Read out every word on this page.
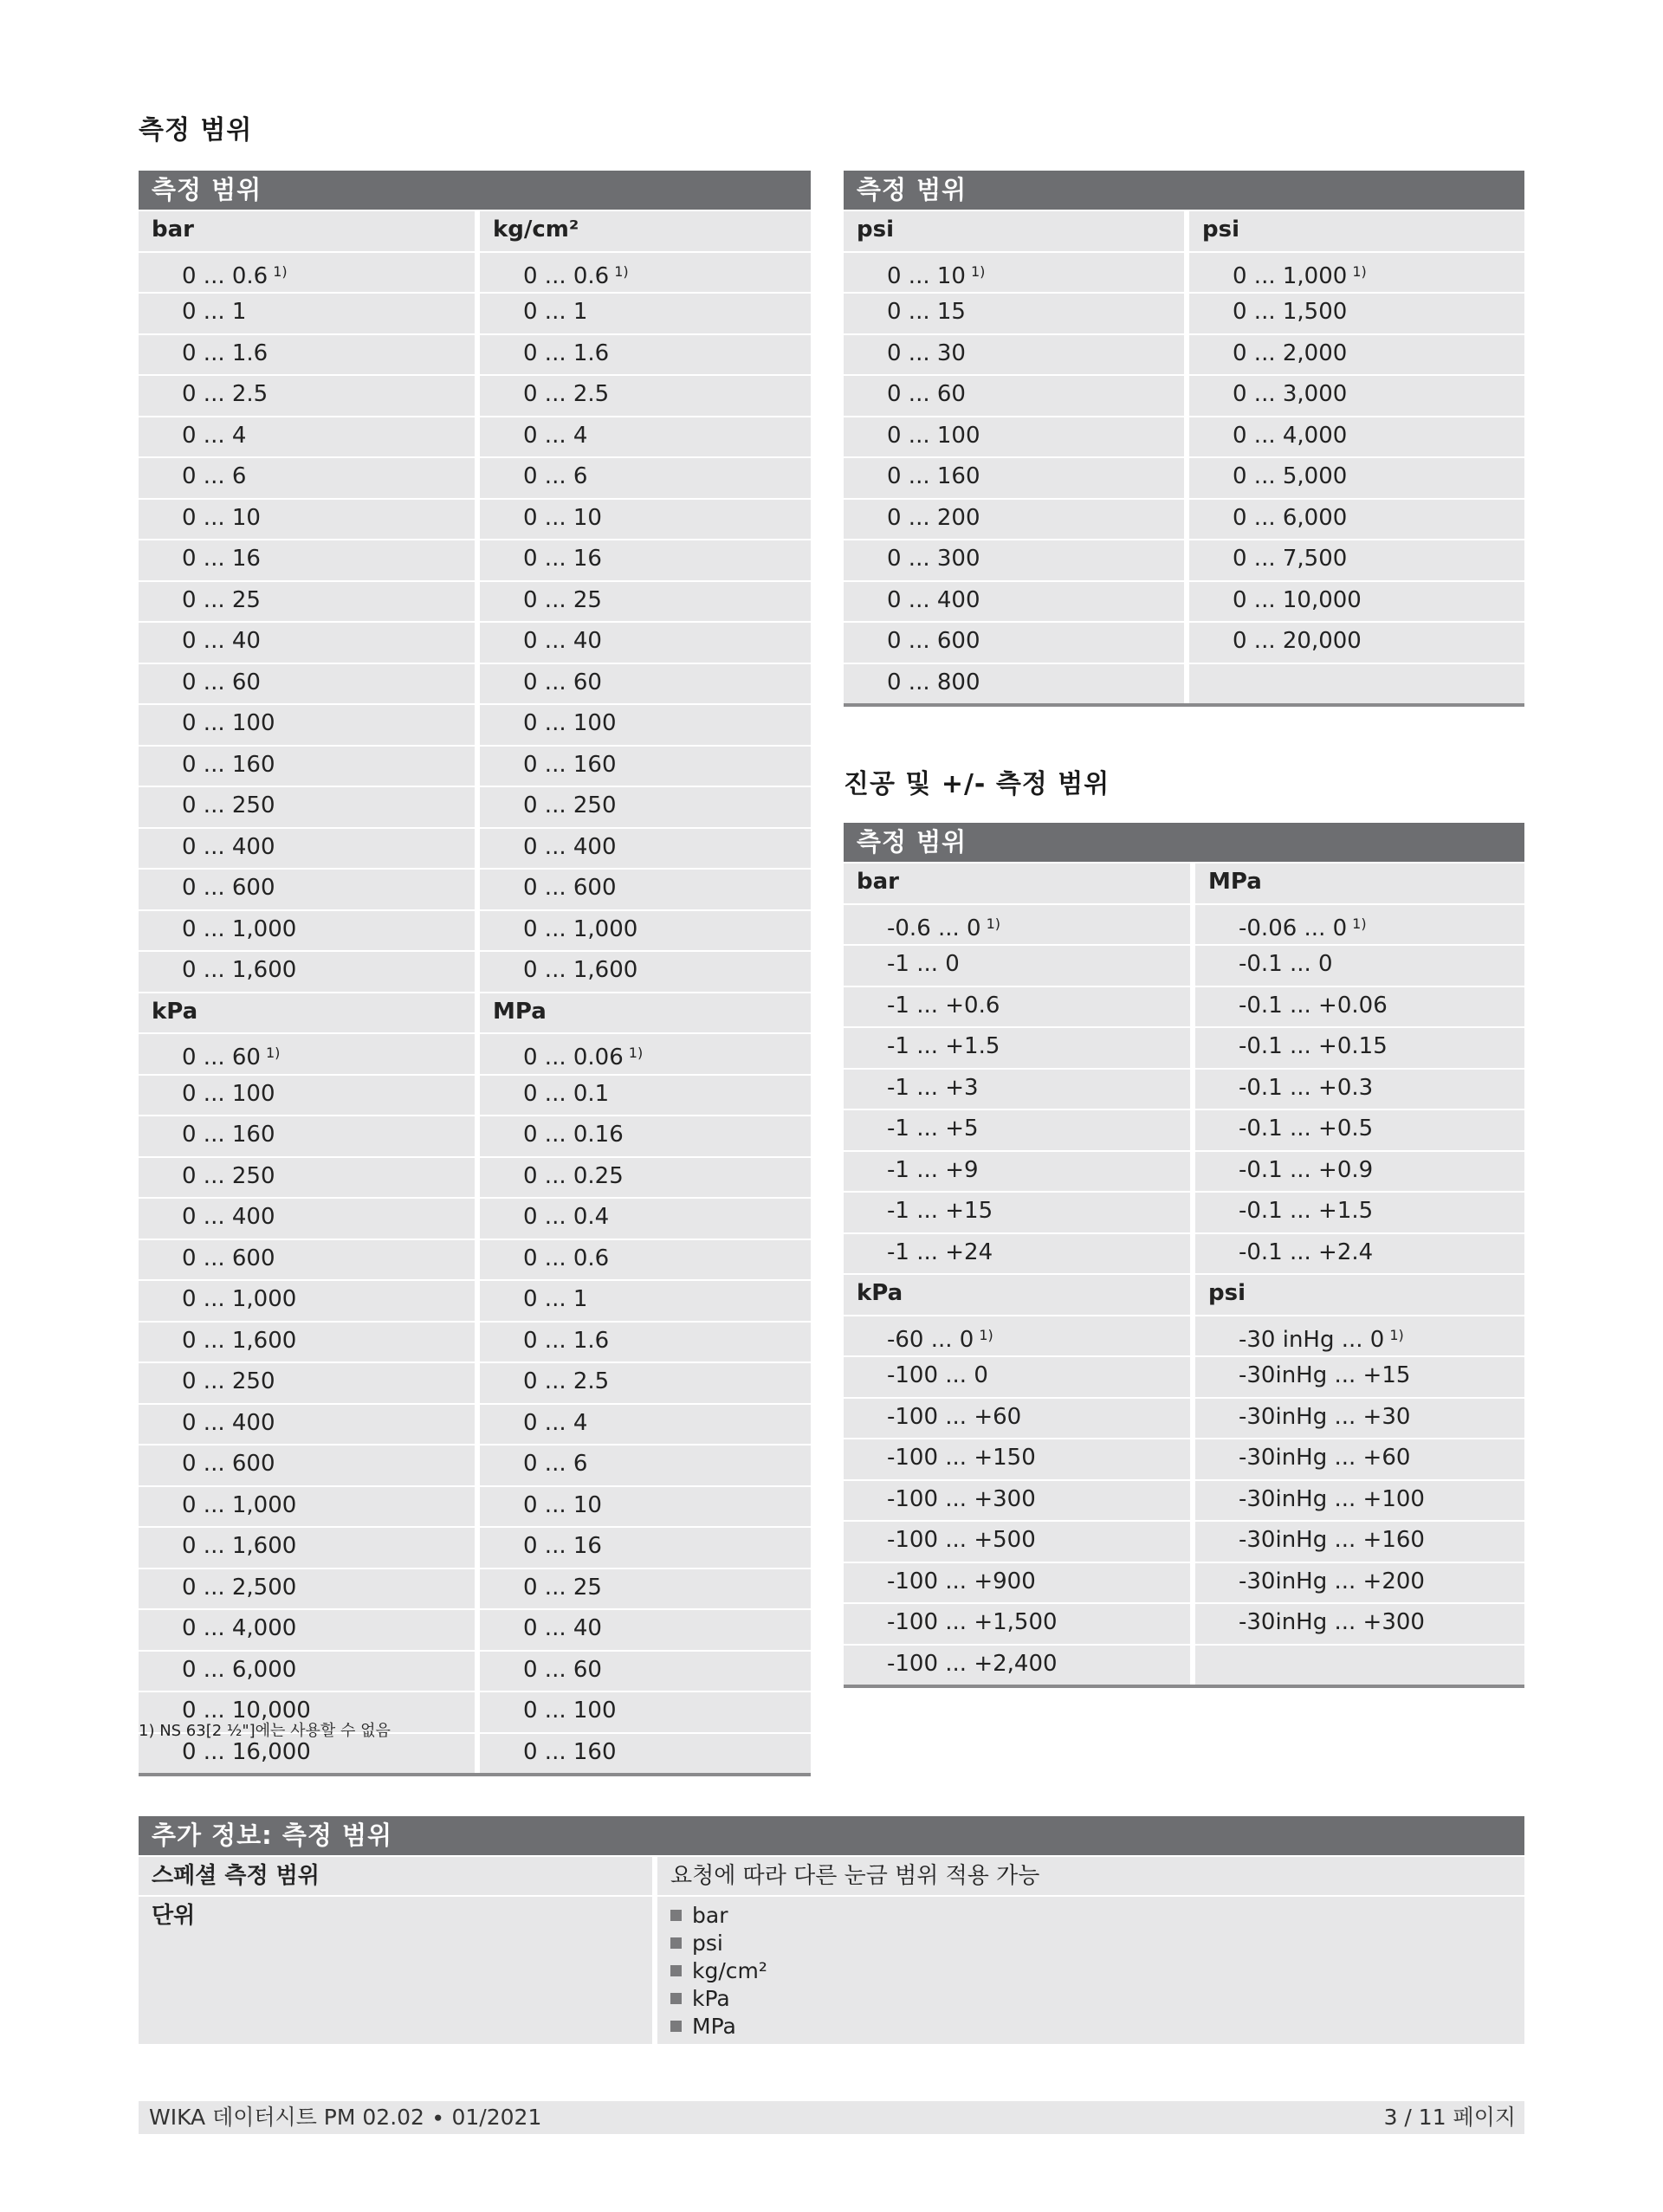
측정 범위
측정 범위
bar	kg/cm²
0 ... 0.6 $^{1)}$	0 ... 0.6 $^{1)}$
0 ... 1	0 ... 1
0 ... 1.6	0 ... 1.6
0 ... 2.5	0 ... 2.5
0 ... 4	0 ... 4
0 ... 6	0 ... 6
0 ... 10	0 ... 10
0 ... 16	0 ... 16
0 ... 25	0 ... 25
0 ... 40	0 ... 40
0 ... 60	0 ... 60
0 ... 100	0 ... 100
0 ... 160	0 ... 160
0 ... 250	0 ... 250
0 ... 400	0 ... 400
0 ... 600	0 ... 600
0 ... 1,000	0 ... 1,000
0 ... 1,600	0 ... 1,600
kPa	MPa
0 ... 60 $^{1)}$	0 ... 0.06 $^{1)}$
0 ... 100	0 ... 0.1
0 ... 160	0 ... 0.16
0 ... 250	0 ... 0.25
0 ... 400	0 ... 0.4
0 ... 600	0 ... 0.6
0 ... 1,000	0 ... 1
0 ... 1,600	0 ... 1.6
0 ... 250	0 ... 2.5
0 ... 400	0 ... 4
0 ... 600	0 ... 6
0 ... 1,000	0 ... 10
0 ... 1,600	0 ... 16
0 ... 2,500	0 ... 25
0 ... 4,000	0 ... 40
0 ... 6,000	0 ... 60
0 ... 10,000	0 ... 100
0 ... 16,000	0 ... 160
1) NS 63[2 ½"]에는 사용할 수 없음
측정 범위
psi	psi
0 ... 10 $^{1)}$	0 ... 1,000 $^{1)}$
0 ... 15	0 ... 1,500
0 ... 30	0 ... 2,000
0 ... 60	0 ... 3,000
0 ... 100	0 ... 4,000
0 ... 160	0 ... 5,000
0 ... 200	0 ... 6,000
0 ... 300	0 ... 7,500
0 ... 400	0 ... 10,000
0 ... 600	0 ... 20,000
0 ... 800
진공 및 +/- 측정 범위
측정 범위
bar	MPa
-0.6 ... 0 $^{1)}$	-0.06 ... 0 $^{1)}$
-1 ... 0	-0.1 ... 0
-1 ... +0.6	-0.1 ... +0.06
-1 ... +1.5	-0.1 ... +0.15
-1 ... +3	-0.1 ... +0.3
-1 ... +5	-0.1 ... +0.5
-1 ... +9	-0.1 ... +0.9
-1 ... +15	-0.1 ... +1.5
-1 ... +24	-0.1 ... +2.4
kPa	psi
-60 ... 0 $^{1)}$	-30 inHg ... 0 $^{1)}$
-100 ... 0	-30inHg ... +15
-100 ... +60	-30inHg ... +30
-100 ... +150	-30inHg ... +60
-100 ... +300	-30inHg ... +100
-100 ... +500	-30inHg ... +160
-100 ... +900	-30inHg ... +200
-100 ... +1,500	-30inHg ... +300
-100 ... +2,400
추가 정보: 측정 범위
스페셜 측정 범위	요청에 따라 다른 눈금 범위 적용 가능
단위	bar
psi
kg/cm²
kPa
MPa
WIKA 데이터시트 PM 02.02 ∙ 01/2021	3 / 11 페이지
